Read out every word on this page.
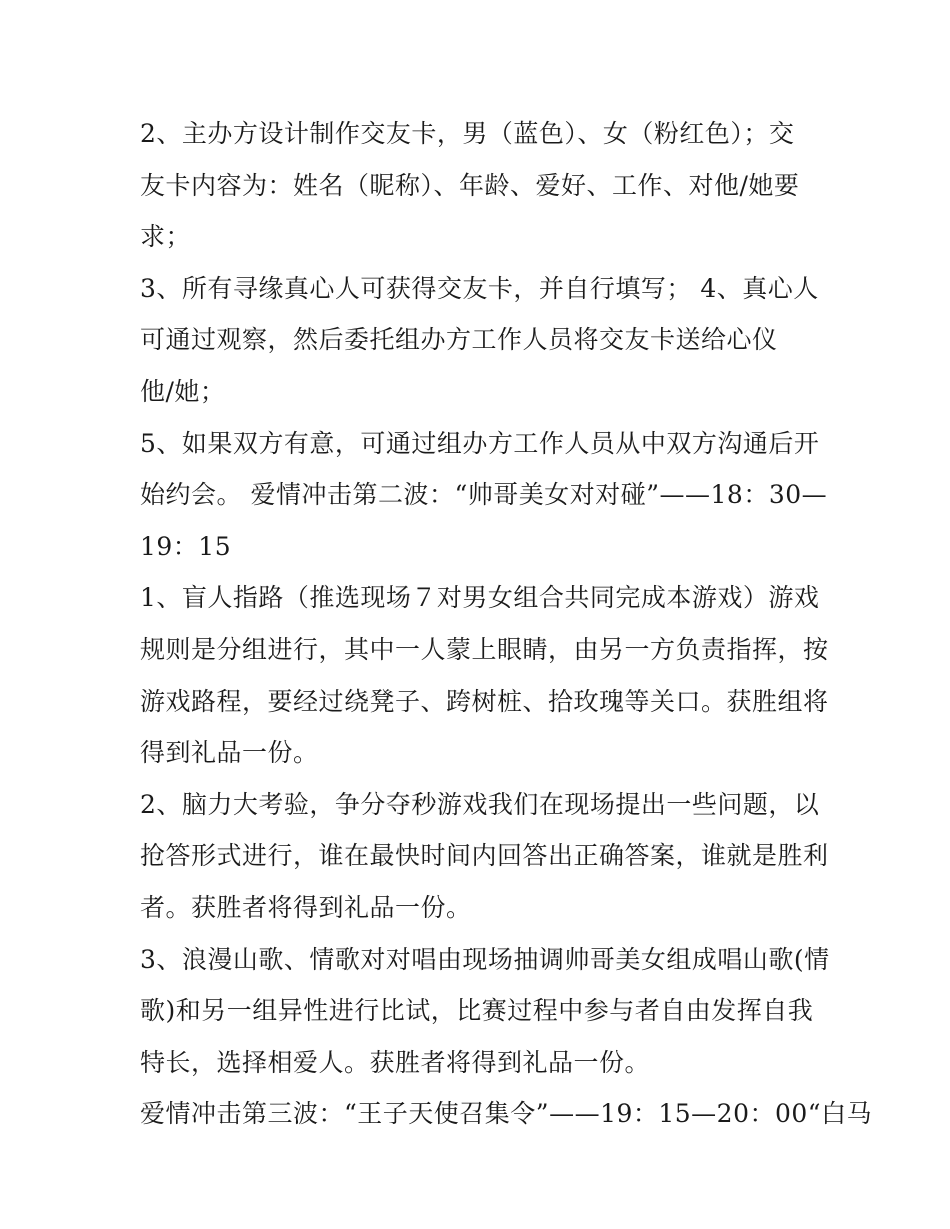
2、主办方设计制作交友卡，男（蓝色）、女（粉红色）；交
友卡内容为：姓名（昵称）、年龄、爱好、工作、对他/她要
求；
3、所有寻缘真心人可获得交友卡，并自行填写； 4、真心人
可通过观察，然后委托组办方工作人员将交友卡送给心仪
他/她；
5、如果双方有意，可通过组办方工作人员从中双方沟通后开
始约会。 爱情冲击第二波：“帅哥美女对对碰”——18：30—
19：15
1、盲人指路（推选现场７对男女组合共同完成本游戏）游戏
规则是分组进行，其中一人蒙上眼睛，由另一方负责指挥，按
游戏路程，要经过绕凳子、跨树桩、拾玫瑰等关口。获胜组将
得到礼品一份。
2、脑力大考验，争分夺秒游戏我们在现场提出一些问题，以
抢答形式进行，谁在最快时间内回答出正确答案，谁就是胜利
者。获胜者将得到礼品一份。
3、浪漫山歌、情歌对对唱由现场抽调帅哥美女组成唱山歌(情
歌)和另一组异性进行比试，比赛过程中参与者自由发挥自我
特长，选择相爱人。获胜者将得到礼品一份。
爱情冲击第三波：“王子天使召集令”——19：15—20：00“白马
